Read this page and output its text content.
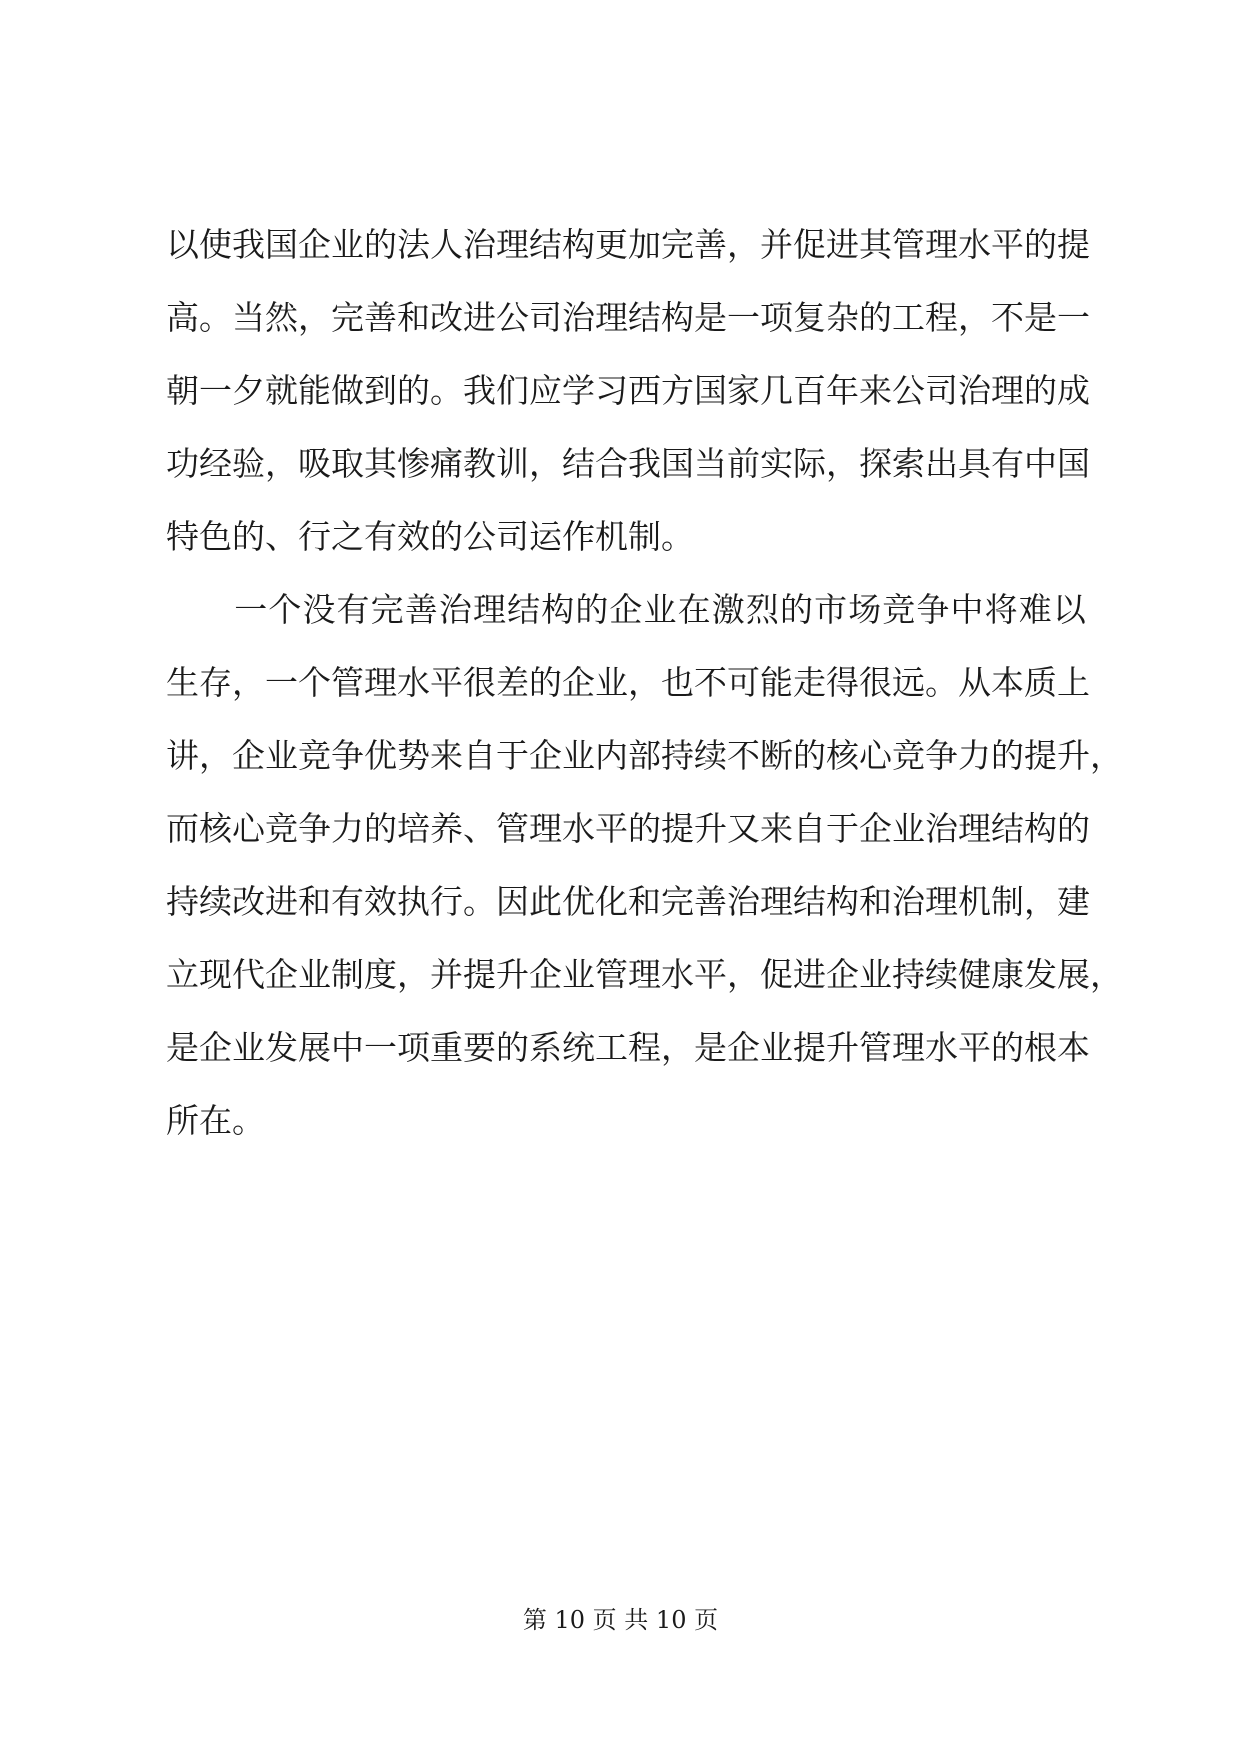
以 使 我 国 企 业 的 法 人 治 理 结 构 更 加 完 善 ， 并 促 进 其 管 理 水 平 的 提
高 。 当 然 ， 完 善 和 改 进 公 司 治 理 结 构 是 一 项 复 杂 的 工 程 ， 不 是 一
朝 一 夕 就 能 做 到 的 。 我 们 应 学 习 西 方 国 家 几 百 年 来 公 司 治 理 的 成
功 经 验 ， 吸 取 其 惨 痛 教 训 ， 结 合 我 国 当 前 实 际 ， 探 索 出 具 有 中 国
特 色 的 、 行 之 有 效 的 公 司 运 作 机 制 。

一 个 没 有 完 善 治 理 结 构 的 企 业 在 激 烈 的 市 场 竞 争 中 将 难 以
生 存 ， 一 个 管 理 水 平 很 差 的 企 业 ， 也 不 可 能 走 得 很 远 。 从 本 质 上
讲 ， 企 业 竞 争 优 势 来 自 于 企 业 内 部 持 续 不 断 的 核 心 竞 争 力 的 提 升 ，
而 核 心 竞 争 力 的 培 养 、 管 理 水 平 的 提 升 又 来 自 于 企 业 治 理 结 构 的
持 续 改 进 和 有 效 执 行 。 因 此 优 化 和 完 善 治 理 结 构 和 治 理 机 制 ， 建
立 现 代 企 业 制 度 ， 并 提 升 企 业 管 理 水 平 ， 促 进 企 业 持 续 健 康 发 展 ，
是 企 业 发 展 中 一 项 重 要 的 系 统 工 程 ， 是 企 业 提 升 管 理 水 平 的 根 本
所 在 。
第 10 页 共 10 页
